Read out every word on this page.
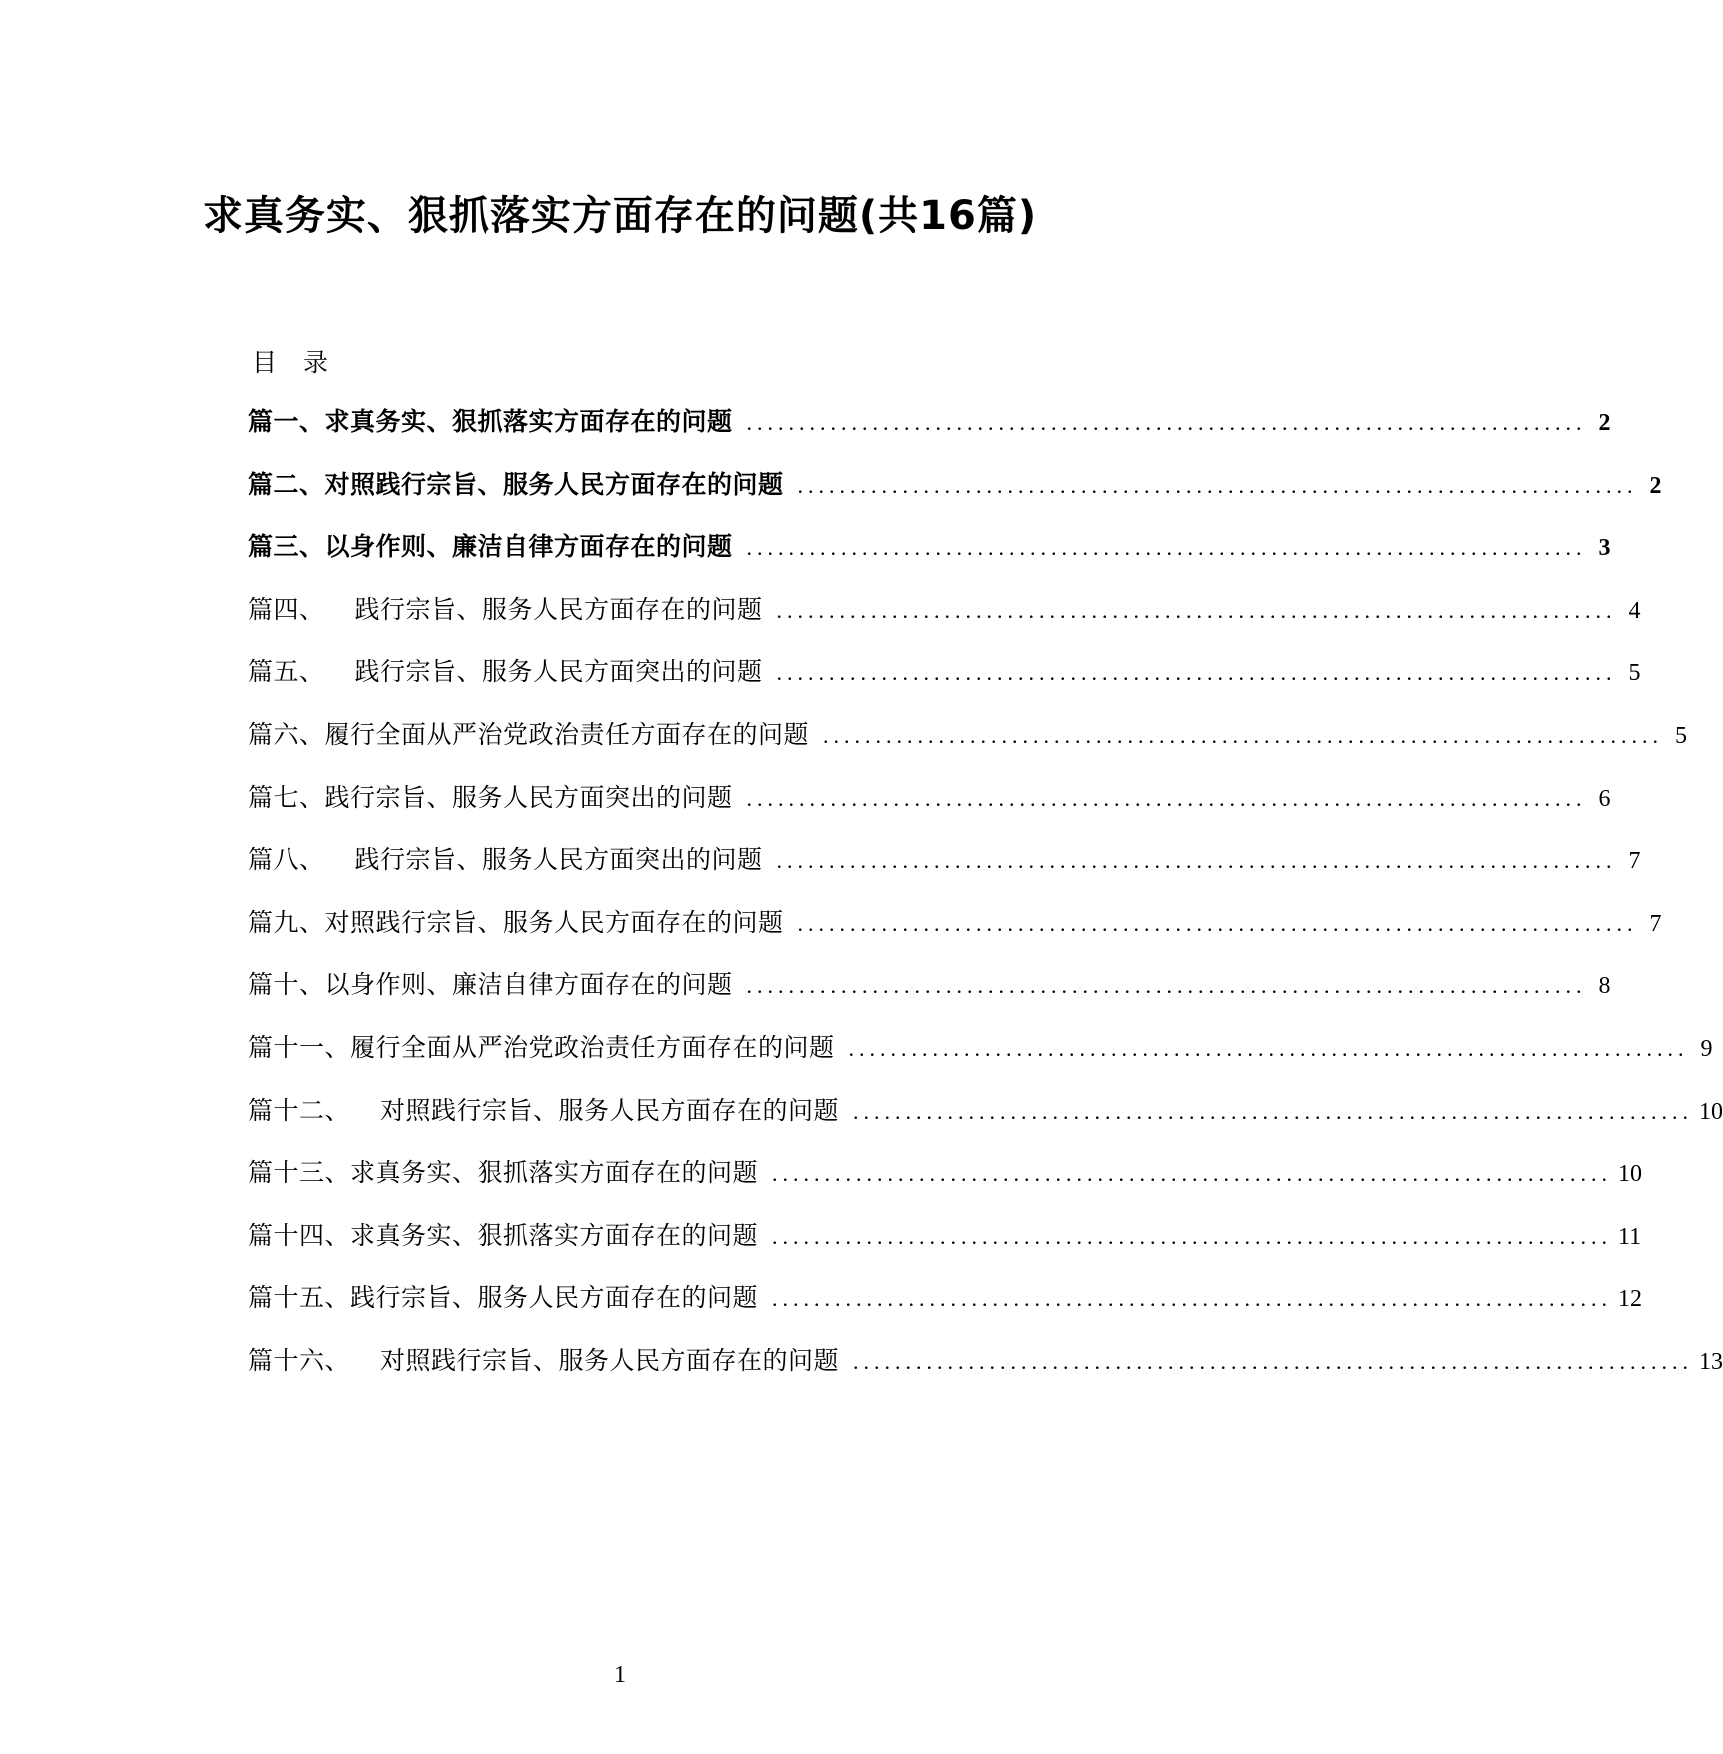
求真务实、狠抓落实方面存在的问题(共16篇)

目录

篇一、 求真务实、狠抓落实方面存在的问题 ................................................................................ 2
篇二、 对照践行宗旨、服务人民方面存在的问题 ................................................................................ 2
篇三、 以身作则、廉洁自律方面存在的问题 ................................................................................ 3
篇四、	践行宗旨、服务人民方面存在的问题 ................................................................................ 4
篇五、	践行宗旨、服务人民方面突出的问题 ................................................................................ 5
篇六、 履行全面从严治党政治责任方面存在的问题 ................................................................................ 5
篇七、 践行宗旨、服务人民方面突出的问题 ................................................................................ 6
篇八、	践行宗旨、服务人民方面突出的问题 ................................................................................ 7
篇九、 对照践行宗旨、服务人民方面存在的问题 ................................................................................ 7
篇十、 以身作则、廉洁自律方面存在的问题 ................................................................................ 8
篇十一、 履行全面从严治党政治责任方面存在的问题 ................................................................................ 9
篇十二、	对照践行宗旨、服务人民方面存在的问题 ................................................................................ 10
篇十三、 求真务实、狠抓落实方面存在的问题 ................................................................................ 10
篇十四、 求真务实、狠抓落实方面存在的问题 ................................................................................ 11
篇十五、 践行宗旨、服务人民方面存在的问题 ................................................................................ 12
篇十六、	对照践行宗旨、服务人民方面存在的问题 ................................................................................ 13
1
